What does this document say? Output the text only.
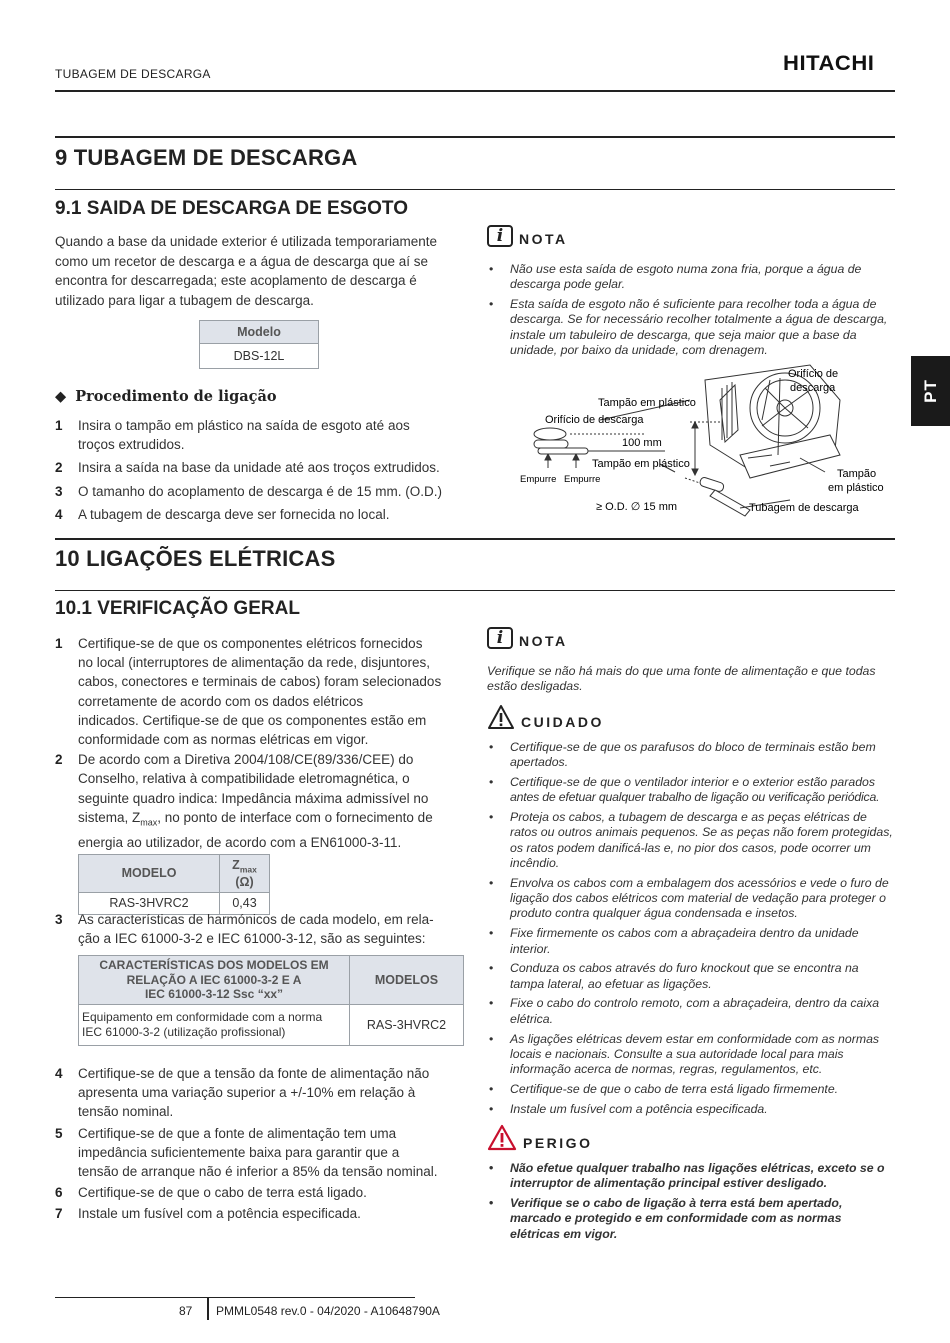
TUBAGEM DE DESCARGA	HITACHI
PT
9 TUBAGEM DE DESCARGA
9.1 SAIDA DE DESCARGA DE ESGOTO
Quando a base da unidade exterior é utilizada temporariamente
como um recetor de descarga e a água de descarga que aí se
encontra for descarregada; este acoplamento de descarga é
utilizado para ligar a tubagem de descarga.
Modelo
DBS-12L
◆ Procedimento de ligação
1 Insira o tampão em plástico na saída de esgoto até aos
troços extrudidos.
2 Insira a saída na base da unidade até aos troços extrudidos.
3 O tamanho do acoplamento de descarga é de 15 mm. (O.D.)
4 A tubagem de descarga deve ser fornecida no local.
i	NOTA
• Não use esta saída de esgoto numa zona fria, porque a água de
descarga pode gelar.
• Esta saída de esgoto não é suficiente para recolher toda a água de
descarga. Se for necessário recolher totalmente a água de descarga,
instale um tabuleiro de descarga, que seja maior que a base da
unidade, por baixo da unidade, com drenagem.
Tampão em plástico
Orifício de descarga
100 mm
Tampão em plástico
Empurre Empurre
≥ O.D. ∅ 15 mm	Tubagem de descarga
Orifício de
descarga
Tampão
em plástico
10 LIGAÇÕES ELÉTRICAS
10.1 VERIFICAÇÃO GERAL
1 Certifique-se de que os componentes elétricos fornecidos
no local (interruptores de alimentação da rede, disjuntores,
cabos, conectores e terminais de cabos) foram selecionados
corretamente de acordo com os dados elétricos
indicados. Certifique-se de que os componentes estão em
conformidade com as normas elétricas em vigor.
2 De acordo com a Diretiva 2004/108/CE(89/336/CEE) do
Conselho, relativa à compatibilidade eletromagnética, o
seguinte quadro indica: Impedância máxima admissível no
sistema, $Z_{max}$, no ponto de interface com o fornecimento de
energia ao utilizador, de acordo com a EN61000-3-11.
MODELO	$Z_{max}$ (Ω)
RAS-3HVRC2	0,43
3 As características de harmónicos de cada modelo, em rela-
ção a IEC 61000-3-2 e IEC 61000-3-12, são as seguintes:
CARACTERÍSTICAS DOS MODELOS EM
RELAÇÃO A IEC 61000-3-2 E A
IEC 61000-3-12 Ssc “xx”	MODELOS

Equipamento em conformidade com a norma
IEC 61000-3-2 (utilização profissional)	RAS-3HVRC2
4 Certifique-se de que a tensão da fonte de alimentação não
apresenta uma variação superior a +/-10% em relação à
tensão nominal.
5 Certifique-se de que a fonte de alimentação tem uma
impedância suficientemente baixa para garantir que a
tensão de arranque não é inferior a 85% da tensão nominal.
6 Certifique-se de que o cabo de terra está ligado.
7 Instale um fusível com a potência especificada.
i	NOTA
Verifique se não há mais do que uma fonte de alimentação e que todas
estão desligadas.
CUIDADO
• Certifique-se de que os parafusos do bloco de terminais estão bem
apertados.
• Certifique-se de que o ventilador interior e o exterior estão parados
antes de efetuar qualquer trabalho de ligação ou verificação periódica.
• Proteja os cabos, a tubagem de descarga e as peças elétricas de
ratos ou outros animais pequenos. Se as peças não forem protegidas,
os ratos podem danificá-las e, no pior dos casos, pode ocorrer um
incêndio.
• Envolva os cabos com a embalagem dos acessórios e vede o furo de
ligação dos cabos elétricos com material de vedação para proteger o
produto contra qualquer água condensada e insetos.
• Fixe firmemente os cabos com a abraçadeira dentro da unidade
interior.
• Conduza os cabos através do furo knockout que se encontra na
tampa lateral, ao efetuar as ligações.
• Fixe o cabo do controlo remoto, com a abraçadeira, dentro da caixa
elétrica.
• As ligações elétricas devem estar em conformidade com as normas
locais e nacionais. Consulte a sua autoridade local para mais
informação acerca de normas, regras, regulamentos, etc.
• Certifique-se de que o cabo de terra está ligado firmemente.
• Instale um fusível com a potência especificada.
PERIGO
• Não efetue qualquer trabalho nas ligações elétricas, exceto se o
interruptor de alimentação principal estiver desligado.
• Verifique se o cabo de ligação à terra está bem apertado,
marcado e protegido e em conformidade com as normas
elétricas em vigor.
87 PMML0548 rev.0 - 04/2020 - A10648790A
